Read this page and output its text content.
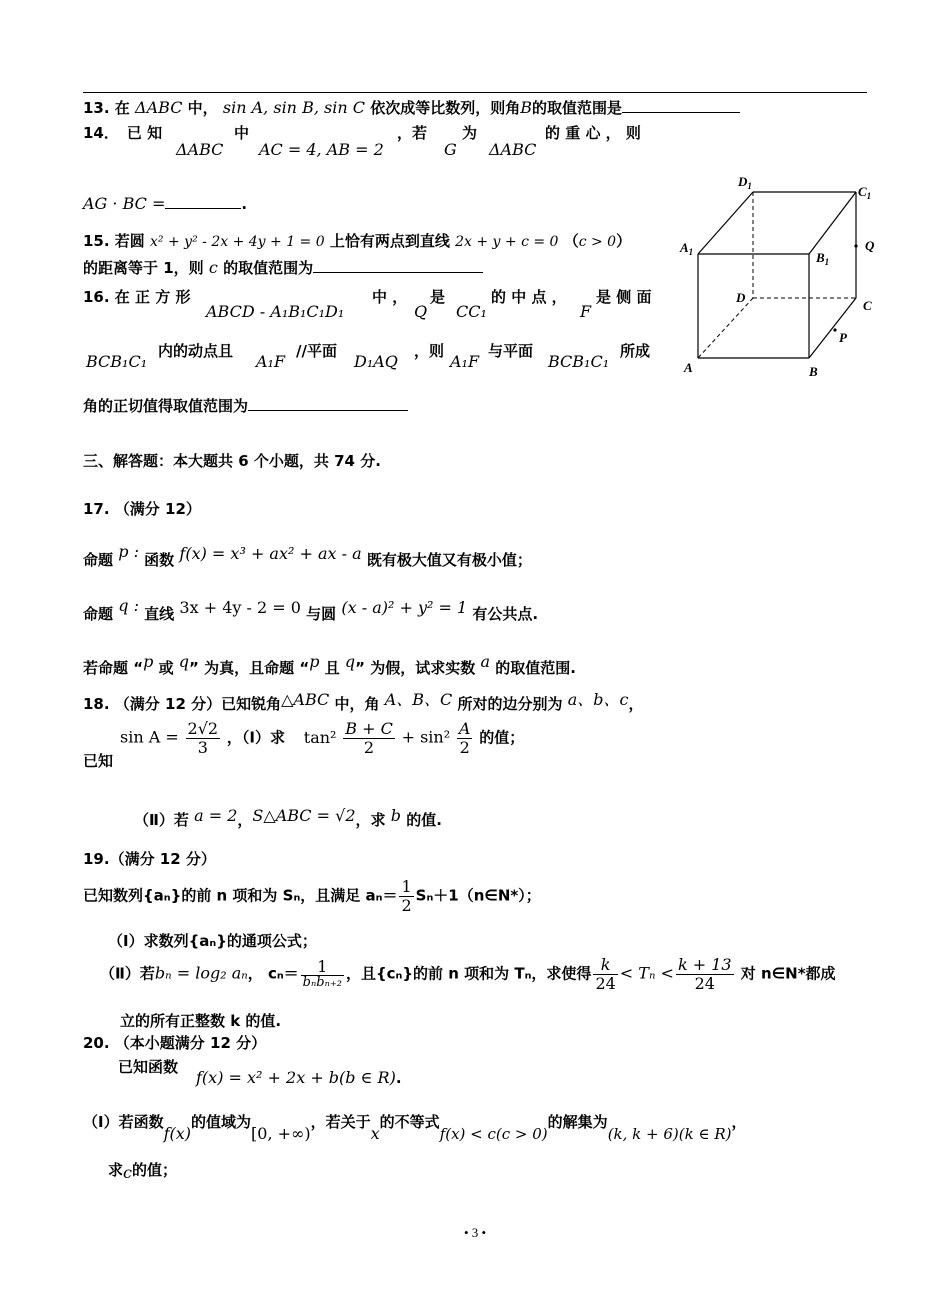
13. 在 ΔABC 中， sin A, sin B, sin C 依次成等比数列，则角B的取值范围是
14． 已 知
ΔABC
中
AC = 4, AB = 2
，若
G
为
ΔABC
的 重 心 ， 则
AG · BC =	.
$D_1$	$C_1$
$A_1$	$B_1$
Q
D
C
P
A	B
15. 若圆 x² + y² - 2x + 4y + 1 = 0 上恰有两点到直线 2x + y + c = 0 （c > 0）
的距离等于 1，则 c 的取值范围为
16. 在 正 方 形
ABCD - A₁B₁C₁D₁
中 ，
Q
是
CC₁
的 中 点 ，
F
是 侧 面
BCB₁C₁
内的动点且
A₁F
//平面
D₁AQ
，则
A₁F
与平面
BCB₁C₁
所成
角的正切值得取值范围为
三、解答题：本大题共 6 个小题，共 74 分.
17. （满分 12）
命题 p : 函数 f(x) = x³ + ax² + ax - a 既有极大值又有极小值；
命题 q : 直线 3x + 4y - 2 = 0 与圆 (x - a)² + y² = 1 有公共点.
若命题 “p 或 q” 为真，且命题 “p 且 q” 为假，试求实数 a 的取值范围.
18. （满分 12 分）已知锐角△ABC 中，角 A、B、C 所对的边分别为 a、b、c，
已知
$\sin A = \frac{2√2}{3}$ ，（Ⅰ）求 $\tan^2 \frac{B + C}{2} + \sin^2 \frac{A}{2}$ 的值；
（Ⅱ）若 a = 2，S△ABC = √2，求 b 的值.
19.（满分 12 分）
已知数列{aₙ}的前 n 项和为 Sₙ，且满足 $a_n= \frac{1}{2}$ Sₙ＋1（n∈N*）；
（Ⅰ）求数列{aₙ}的通项公式；
（Ⅱ）若bₙ = log₂ aₙ， $c_n= \frac{1}{\text{bₙbₙ₊₂}}$ ，且{cₙ}的前 n 项和为 Tₙ，求使得 $\frac{k}{24} < T_n < \frac{k + 13}{24}$ 对 n∈N*都成
立的所有正整数 k 的值.
20. （本小题满分 12 分）
已知函数
f(x) = x² + 2x + b(b ∈ R).
（Ⅰ）若函数f(x)的值域为[0, +∞)，若关于x的不等式f(x) < c(c > 0)的解集为(k, k + 6)(k ∈ R)，
求c的值；
• 3 •
